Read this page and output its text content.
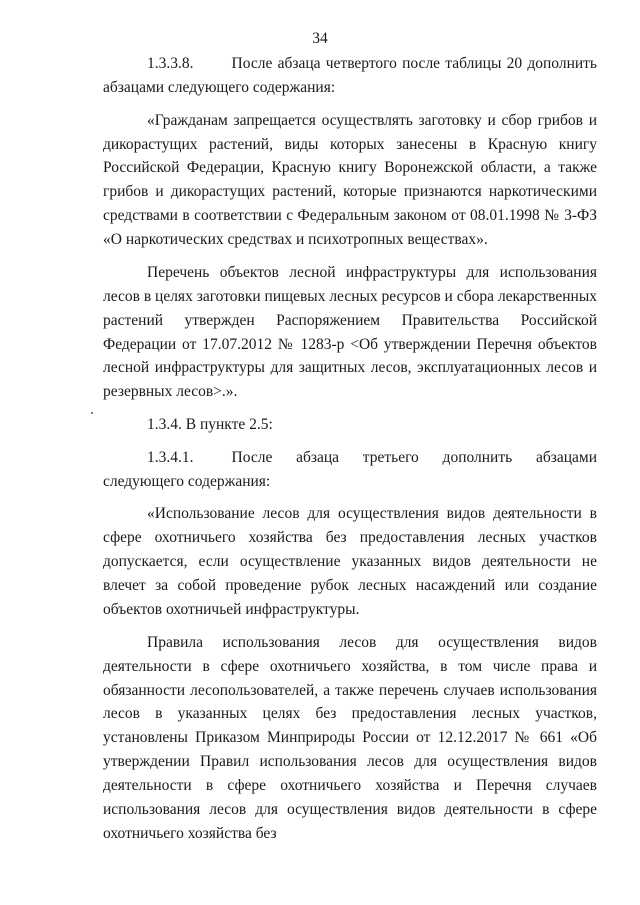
34

1.3.3.8. После абзаца четвертого после таблицы 20 дополнить абзацами следующего содержания:

«Гражданам запрещается осуществлять заготовку и сбор грибов и дикорастущих растений, виды которых занесены в Красную книгу Российской Федерации, Красную книгу Воронежской области, а также грибов и дикорастущих растений, которые признаются наркотическими средствами в соответствии с Федеральным законом от 08.01.1998 № 3-ФЗ «О наркотических средствах и психотропных веществах».

Перечень объектов лесной инфраструктуры для использования лесов в целях заготовки пищевых лесных ресурсов и сбора лекарственных растений утвержден Распоряжением Правительства Российской Федерации от 17.07.2012 № 1283-р <Об утверждении Перечня объектов лесной инфраструктуры для защитных лесов, эксплуатационных лесов и резервных лесов>.».

1.3.4. В пункте 2.5:

1.3.4.1. После абзаца третьего дополнить абзацами следующего содержания:

«Использование лесов для осуществления видов деятельности в сфере охотничьего хозяйства без предоставления лесных участков допускается, если осуществление указанных видов деятельности не влечет за собой проведение рубок лесных насаждений или создание объектов охотничьей инфраструктуры.

Правила использования лесов для осуществления видов деятельности в сфере охотничьего хозяйства, в том числе права и обязанности лесопользователей, а также перечень случаев использования лесов в указанных целях без предоставления лесных участков, установлены Приказом Минприроды России от 12.12.2017 № 661 «Об утверждении Правил использования лесов для осуществления видов деятельности в сфере охотничьего хозяйства и Перечня случаев использования лесов для осуществления видов деятельности в сфере охотничьего хозяйства без
